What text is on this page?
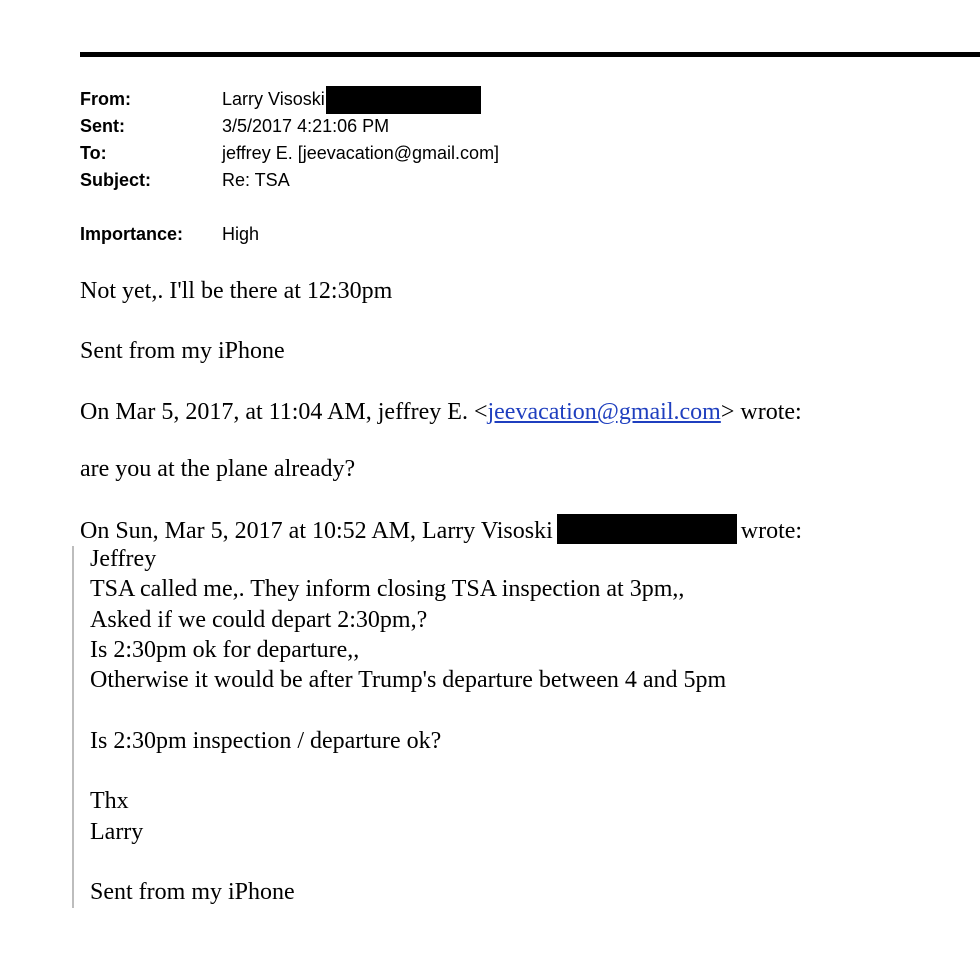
From:	Larry Visoski
Sent:	3/5/2017 4:21:06 PM
To:	jeffrey E. [jeevacation@gmail.com]
Subject:	Re: TSA
Importance:	High
Not yet,. I'll be there at 12:30pm
Sent from my iPhone
On Mar 5, 2017, at 11:04 AM, jeffrey E. <jeevacation@gmail.com> wrote:
are you at the plane already?
On Sun, Mar 5, 2017 at 10:52 AM, Larry Visoski	wrote:
Jeffrey
TSA called me,. They inform closing TSA inspection at 3pm,,
Asked if we could depart 2:30pm,?
Is 2:30pm ok for departure,,
Otherwise it would be after Trump's departure between 4 and 5pm
Is 2:30pm inspection / departure ok?
Thx
Larry
Sent from my iPhone
